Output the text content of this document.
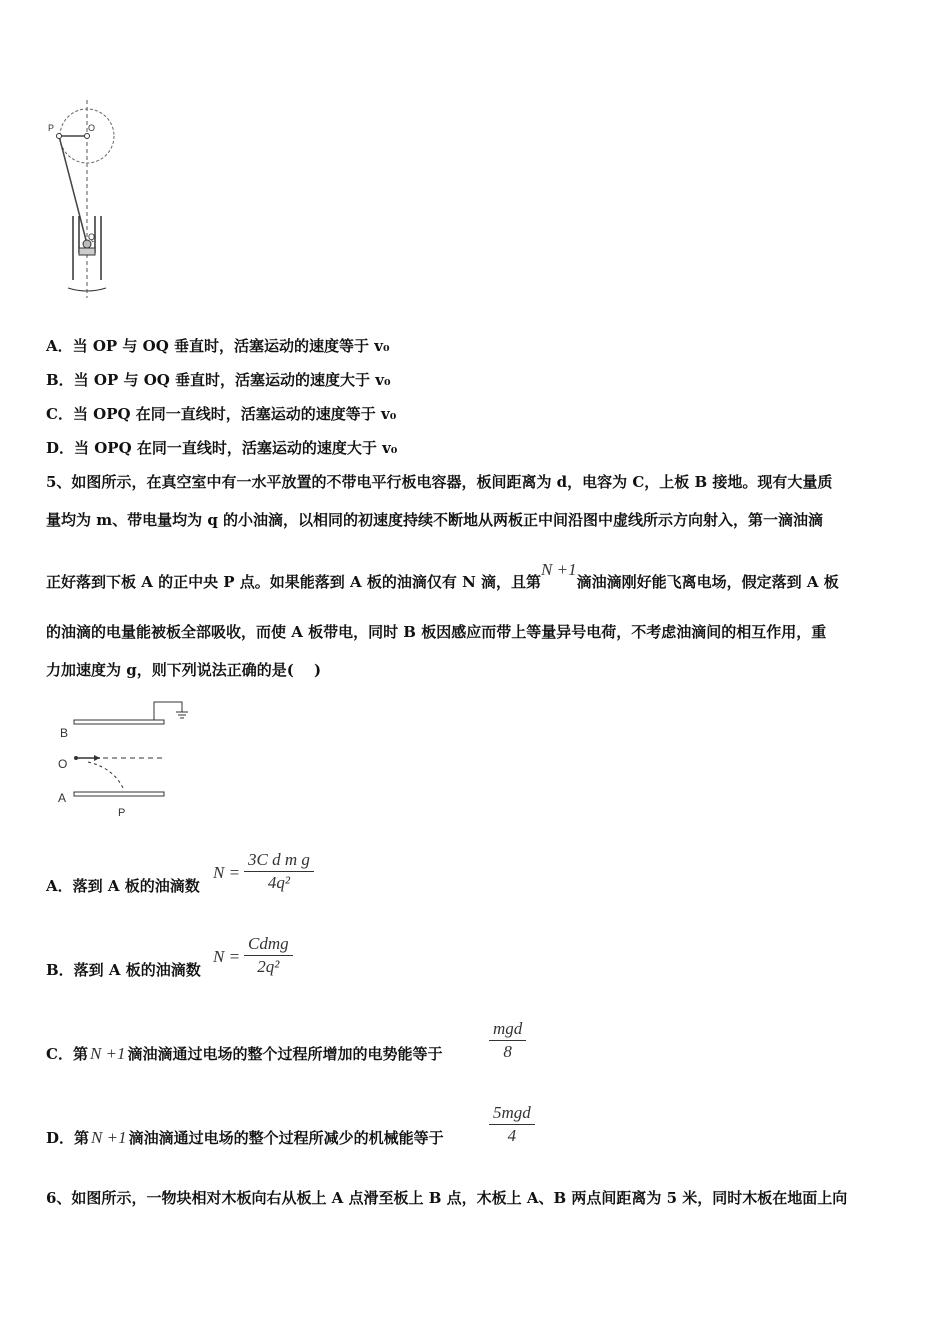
P	O
Q
A．当 OP 与 OQ 垂直时，活塞运动的速度等于 v₀
B．当 OP 与 OQ 垂直时，活塞运动的速度大于 v₀
C．当 OPQ 在同一直线时，活塞运动的速度等于 v₀
D．当 OPQ 在同一直线时，活塞运动的速度大于 v₀
5、如图所示，在真空室中有一水平放置的不带电平行板电容器，板间距离为 d，电容为 C，上板 B 接地。现有大量质
量均为 m、带电量均为 q 的小油滴，以相同的初速度持续不断地从两板正中间沿图中虚线所示方向射入，第一滴油滴
正好落到下板 A 的正中央 P 点。如果能落到 A 板的油滴仅有 N 滴，且第N +1滴油滴刚好能飞离电场，假定落到 A 板
的油滴的电量能被板全部吸收，而使 A 板带电，同时 B 板因感应而带上等量异号电荷，不考虑油滴间的相互作用，重
力加速度为 g，则下列说法正确的是(　 )
B
O
A
P
A．落到 A 板的油滴数
N =
3C d m g
4q²
B．落到 A 板的油滴数
N =
Cdmg
2q²
C．第 N +1 滴油滴通过电场的整个过程所增加的电势能等于
mgd
8
D．第 N +1 滴油滴通过电场的整个过程所减少的机械能等于
5mgd
4
6、如图所示，一物块相对木板向右从板上 A 点滑至板上 B 点，木板上 A、B 两点间距离为 5 米，同时木板在地面上向
